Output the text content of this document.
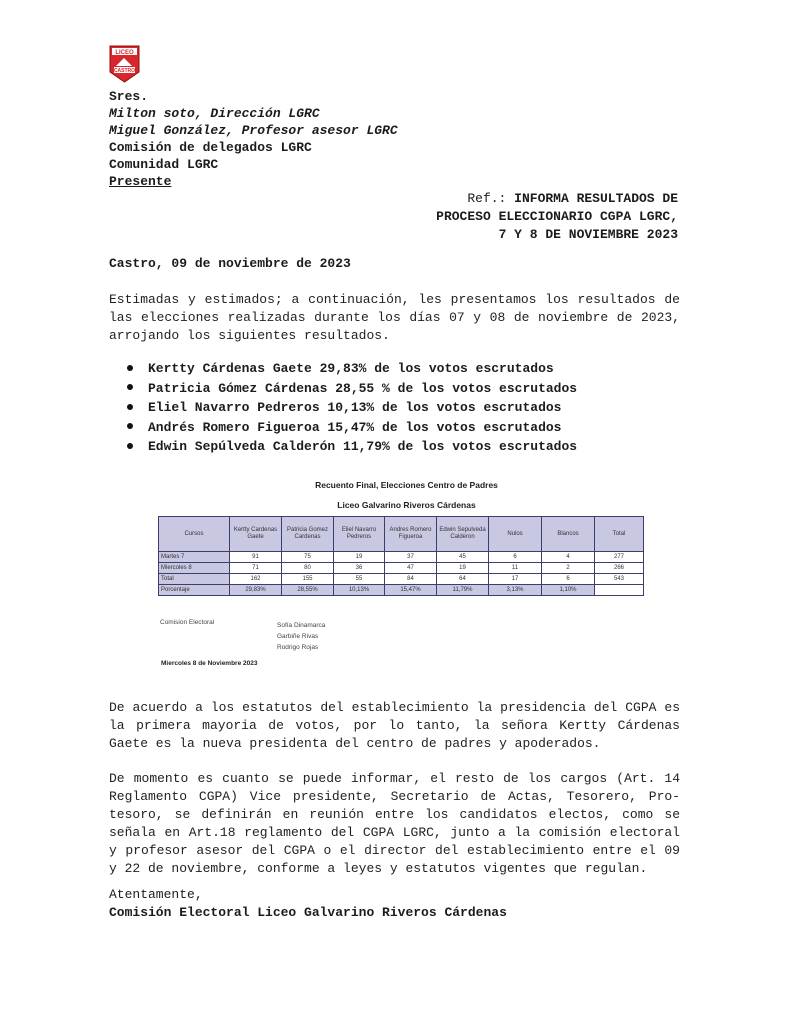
LICEO
CASTRO
Sres.
Milton soto, Dirección LGRC
Miguel González, Profesor asesor LGRC
Comisión de delegados LGRC
Comunidad LGRC
Presente
Ref.: INFORMA RESULTADOS DE
PROCESO ELECCIONARIO CGPA LGRC,
7 Y 8 DE NOVIEMBRE 2023
Castro, 09 de noviembre de 2023
Estimadas y estimados; a continuación, les presentamos los resultados de las elecciones realizadas durante los días 07 y 08 de noviembre de 2023, arrojando los siguientes resultados.
Kertty Cárdenas Gaete 29,83% de los votos escrutados
Patricia Gómez Cárdenas 28,55 % de los votos escrutados
Eliel Navarro Pedreros 10,13% de los votos escrutados
Andrés Romero Figueroa 15,47% de los votos escrutados
Edwin Sepúlveda Calderón 11,79% de los votos escrutados
Recuento Final, Elecciones Centro de Padres
Liceo Galvarino Riveros Cárdenas
Cursos	Kertty Cardenas Gaete	Patricia Gomez Cardenas	Eliel Navarro Pedreros	Andres Romero Figueroa	Edwin Sepulveda Calderon	Nulos	Blancos	Total
Martes 7	91	75	19	37	45	6	4	277
Miercoles 8	71	80	36	47	19	11	2	266
Total	162	155	55	84	64	17	6	543
Porcentaje	29,83%	28,55%	10,13%	15,47%	11,79%	3,13%	1,10%	
Comision Electoral	Sofía Dinamarca
Garbiñe Rivas
Rodrigo Rojas
Miercoles 8 de Noviembre 2023
De acuerdo a los estatutos del establecimiento la presidencia del CGPA es la primera mayoria de votos, por lo tanto, la señora Kertty Cárdenas Gaete es la nueva presidenta del centro de padres y apoderados.
De momento es cuanto se puede informar, el resto de los cargos (Art. 14 Reglamento CGPA) Vice presidente, Secretario de Actas, Tesorero, Pro-tesoro, se definirán en reunión entre los candidatos electos, como se señala en Art.18 reglamento del CGPA LGRC, junto a la comisión electoral y profesor asesor del CGPA o el director del establecimiento entre el 09 y 22 de noviembre, conforme a leyes y estatutos vigentes que regulan.
Atentamente,
Comisión Electoral Liceo Galvarino Riveros Cárdenas
